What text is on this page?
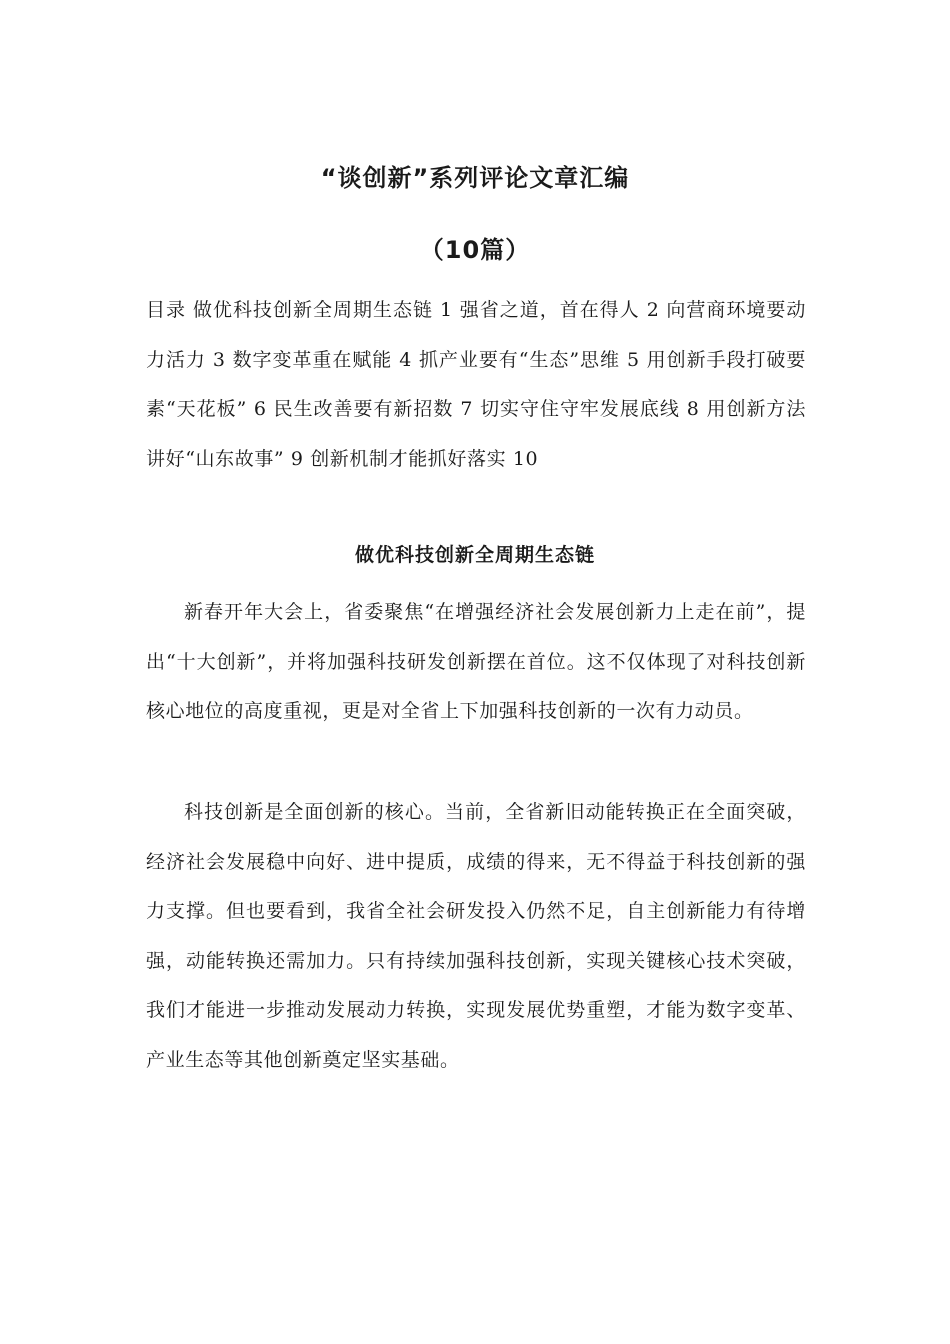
“谈创新”系列评论文章汇编
（10篇）
目录 做优科技创新全周期生态链 1 强省之道，首在得人 2 向营商环境要动力活力 3 数字变革重在赋能 4 抓产业要有“生态”思维 5 用创新手段打破要素“天花板” 6 民生改善要有新招数 7 切实守住守牢发展底线 8 用创新方法讲好“山东故事” 9 创新机制才能抓好落实 10
做优科技创新全周期生态链
新春开年大会上，省委聚焦“在增强经济社会发展创新力上走在前”，提出“十大创新”，并将加强科技研发创新摆在首位。这不仅体现了对科技创新核心地位的高度重视，更是对全省上下加强科技创新的一次有力动员。
科技创新是全面创新的核心。当前，全省新旧动能转换正在全面突破，经济社会发展稳中向好、进中提质，成绩的得来，无不得益于科技创新的强力支撑。但也要看到，我省全社会研发投入仍然不足，自主创新能力有待增强，动能转换还需加力。只有持续加强科技创新，实现关键核心技术突破，我们才能进一步推动发展动力转换，实现发展优势重塑，才能为数字变革、产业生态等其他创新奠定坚实基础。
